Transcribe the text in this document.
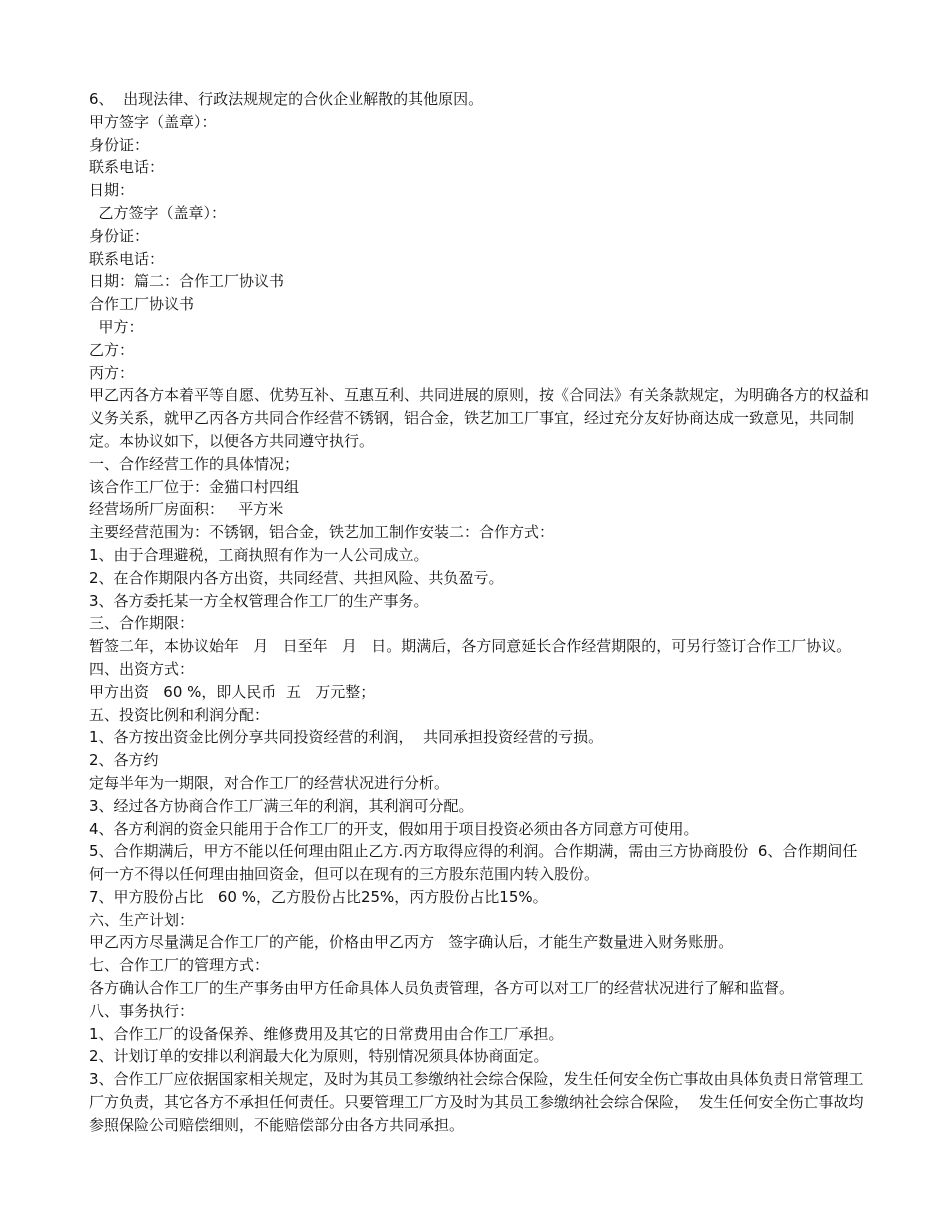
6、  出现法律、行政法规规定的合伙企业解散的其他原因。

甲方签字（盖章）：

身份证：

联系电话：

日期：

乙方签字（盖章）：

身份证：

联系电话：

日期：篇二：合作工厂协议书

合作工厂协议书

甲方：

乙方：

丙方：

甲乙丙各方本着平等自愿、优势互补、互惠互利、共同进展的原则，按《合同法》有关条款规定，为明确各方的权益和义务关系，就甲乙丙各方共同合作经营不锈钢，铝合金，铁艺加工厂事宜，经过充分友好协商达成一致意见，共同制定。本协议如下，以便各方共同遵守执行。

一、合作经营工作的具体情况；

该合作工厂位于：金猫口村四组

经营场所厂房面积：   平方米

主要经营范围为：不锈钢，铝合金，铁艺加工制作安装二：合作方式：

1、由于合理避税，工商执照有作为一人公司成立。

2、在合作期限内各方出资，共同经营、共担风险、共负盈亏。

3、各方委托某一方全权管理合作工厂的生产事务。

三、合作期限：

暂签二年，本协议始年   月   日至年   月   日。期满后，各方同意延长合作经营期限的，可另行签订合作工厂协议。四、出资方式：

甲方出资   60 %，即人民币  五   万元整；

五、投资比例和利润分配：

1、各方按出资金比例分享共同投资经营的利润，  共同承担投资经营的亏损。

2、各方约

定每半年为一期限，对合作工厂的经营状况进行分析。

3、经过各方协商合作工厂满三年的利润，其利润可分配。

4、各方利润的资金只能用于合作工厂的开支，假如用于项目投资必须由各方同意方可使用。

5、合作期满后，甲方不能以任何理由阻止乙方.丙方取得应得的利润。合作期满，需由三方协商股份  6、合作期间任何一方不得以任何理由抽回资金，但可以在现有的三方股东范围内转入股份。

7、甲方股份占比   60 %，乙方股份占比25%，丙方股份占比15%。

六、生产计划：

甲乙丙方尽量满足合作工厂的产能，价格由甲乙丙方   签字确认后，才能生产数量进入财务账册。

七、合作工厂的管理方式：

各方确认合作工厂的生产事务由甲方任命具体人员负责管理，各方可以对工厂的经营状况进行了解和监督。

八、事务执行：

1、合作工厂的设备保养、维修费用及其它的日常费用由合作工厂承担。

2、计划订单的安排以利润最大化为原则，特别情况须具体协商面定。

3、合作工厂应依据国家相关规定，及时为其员工参缴纳社会综合保险，发生任何安全伤亡事故由具体负责日常管理工厂方负责，其它各方不承担任何责任。只要管理工厂方及时为其员工参缴纳社会综合保险，  发生任何安全伤亡事故均参照保险公司赔偿细则，不能赔偿部分由各方共同承担。
